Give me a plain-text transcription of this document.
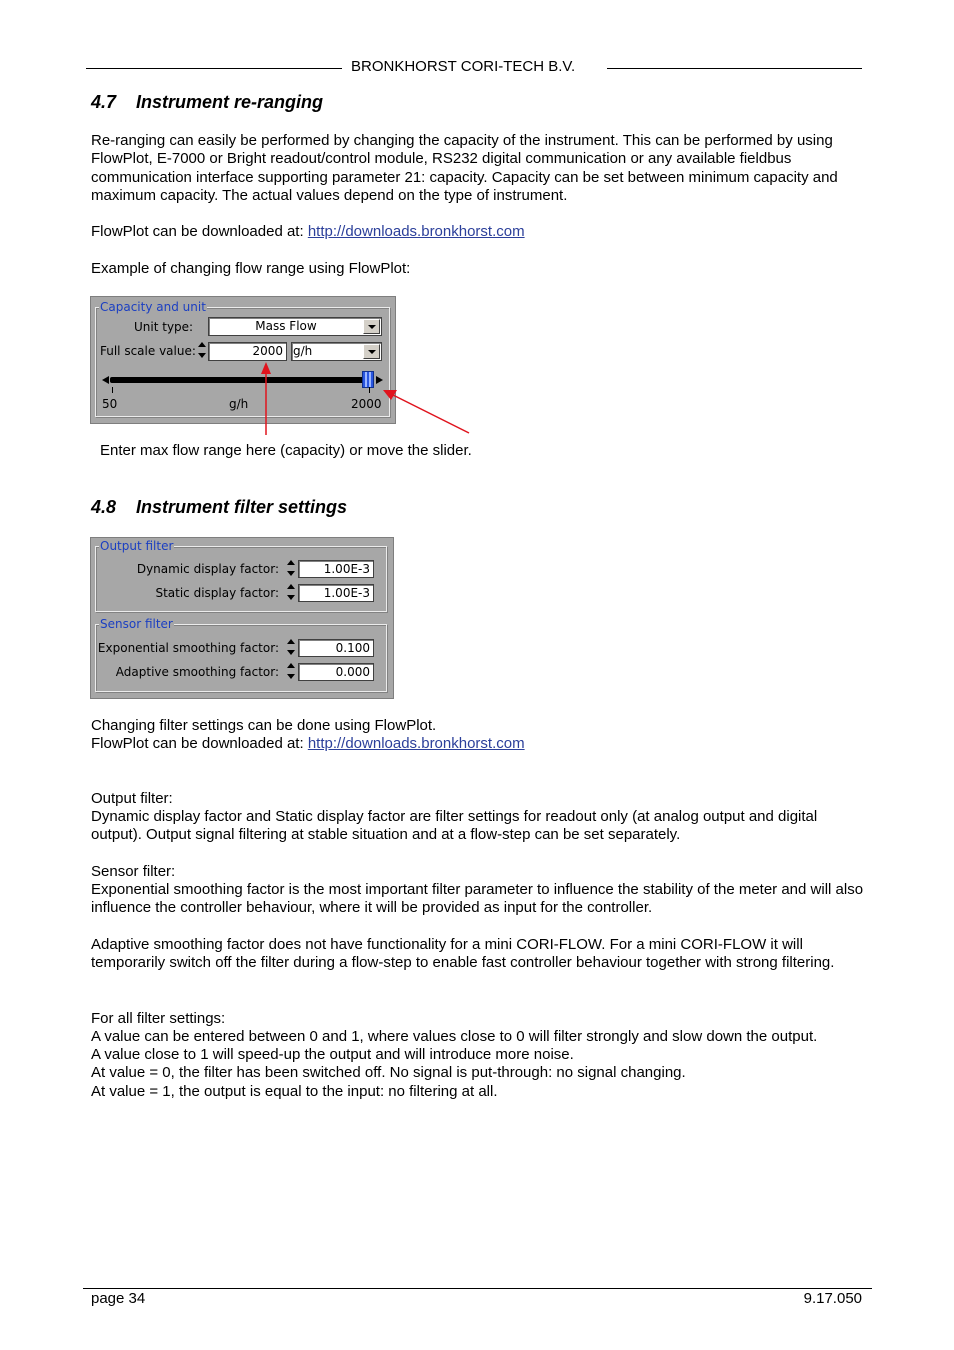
BRONKHORST CORI-TECH B.V.
4.7 Instrument re-ranging

Re-ranging can easily be performed by changing the capacity of the instrument. This can be performed by using FlowPlot, E-7000 or Bright readout/control module, RS232 digital communication or any available fieldbus communication interface supporting parameter 21: capacity. Capacity can be set between minimum capacity and maximum capacity. The actual values depend on the type of instrument.

FlowPlot can be downloaded at: http://downloads.bronkhorst.com

Example of changing flow range using FlowPlot:

Capacity and unit
Unit type:	Mass Flow
Full scale value:	2000 g/h
50	g/h	2000

Enter max flow range here (capacity) or move the slider.

4.8 Instrument filter settings
Output filter
Dynamic display factor:	1.00E-3
Static display factor:	1.00E-3
Sensor filter
Exponential smoothing factor:	0.100
Adaptive smoothing factor:	0.000

Changing filter settings can be done using FlowPlot.

FlowPlot can be downloaded at: http://downloads.bronkhorst.com

Output filter:

Dynamic display factor and Static display factor are filter settings for readout only (at analog output and digital output). Output signal filtering at stable situation and at a flow-step can be set separately.

Sensor filter:

Exponential smoothing factor is the most important filter parameter to influence the stability of the meter and will also influence the controller behaviour, where it will be provided as input for the controller.

Adaptive smoothing factor does not have functionality for a mini CORI-FLOW. For a mini CORI-FLOW it will temporarily switch off the filter during a flow-step to enable fast controller behaviour together with strong filtering.

For all filter settings:

A value can be entered between 0 and 1, where values close to 0 will filter strongly and slow down the output.

A value close to 1 will speed-up the output and will introduce more noise.

At value = 0, the filter has been switched off. No signal is put-through: no signal changing.

At value = 1, the output is equal to the input: no filtering at all.

page 34	9.17.050
